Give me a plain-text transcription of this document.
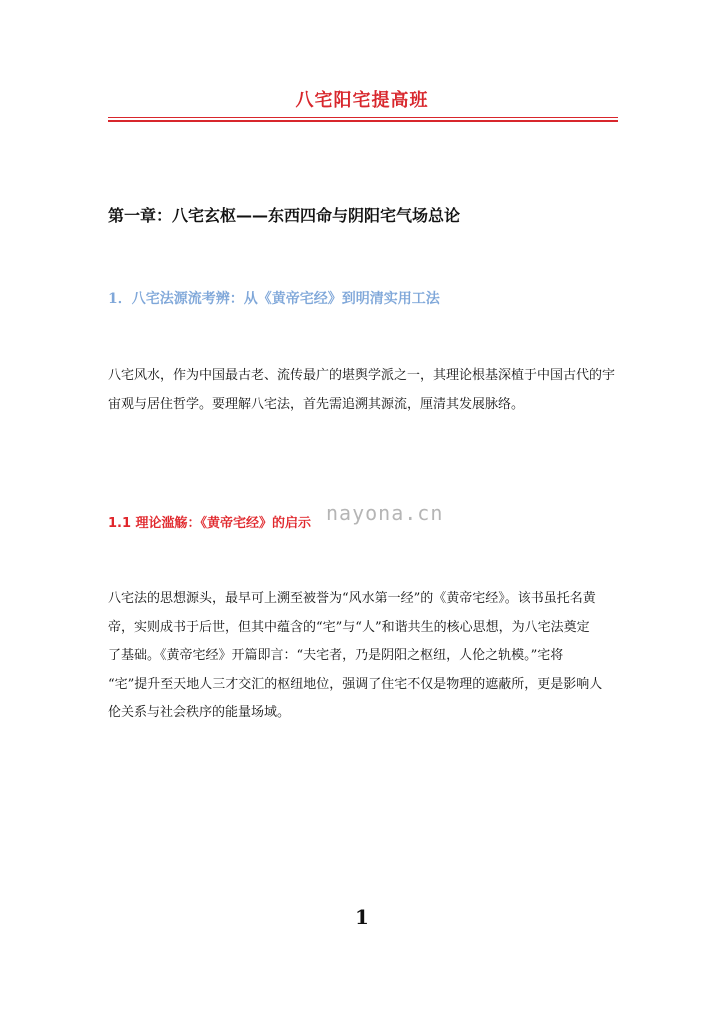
八宅阳宅提高班
第一章：八宅玄枢——东西四命与阴阳宅气场总论
1．八宅法源流考辨：从《黄帝宅经》到明清实用工法
八宅风水，作为中国最古老、流传最广的堪舆学派之一，其理论根基深植于中国古代的宇
宙观与居住哲学。要理解八宅法，首先需追溯其源流，厘清其发展脉络。
1.1 理论滥觞：《黄帝宅经》的启示 nayona.cn
八宅法的思想源头，最早可上溯至被誉为“风水第一经”的《黄帝宅经》。该书虽托名黄
帝，实则成书于后世，但其中蕴含的“宅”与“人”和谐共生的核心思想，为八宅法奠定
了基础。《黄帝宅经》开篇即言：“夫宅者，乃是阴阳之枢纽，人伦之轨模。”宅将
“宅”提升至天地人三才交汇的枢纽地位，强调了住宅不仅是物理的遮蔽所，更是影响人
伦关系与社会秩序的能量场域。
1
